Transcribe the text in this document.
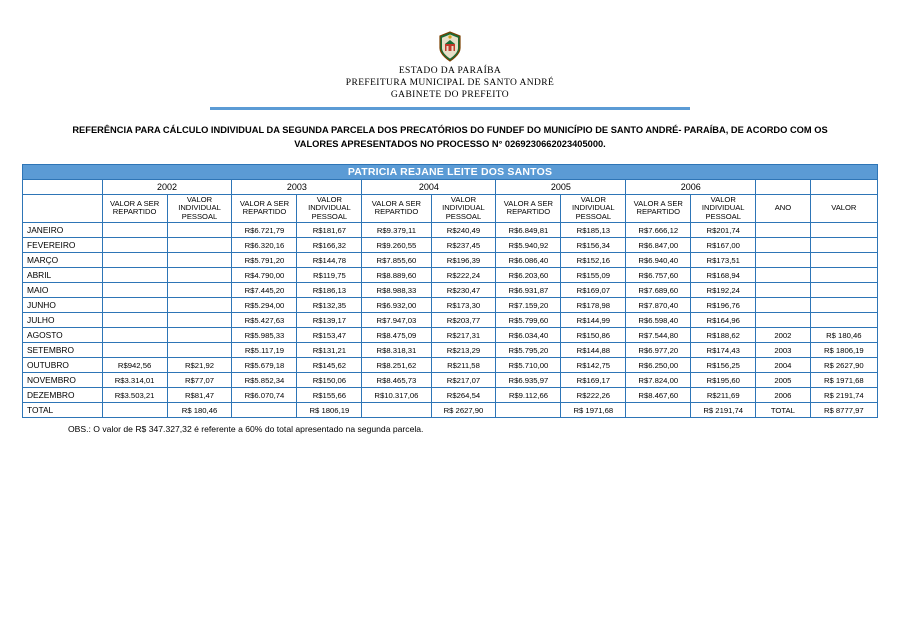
ESTADO DA PARAÍBA
PREFEITURA MUNICIPAL DE SANTO ANDRÉ
GABINETE DO PREFEITO
REFERÊNCIA PARA CÁLCULO INDIVIDUAL DA SEGUNDA PARCELA DOS PRECATÓRIOS DO FUNDEF DO MUNICÍPIO DE SANTO ANDRÉ- PARAÍBA, DE ACORDO COM OS VALORES APRESENTADOS NO PROCESSO N° 0269230662023405000.
PATRICIA REJANE LEITE DOS SANTOS												
	2002		2003		2004		2005		2006			
	VALOR A SER REPARTIDO	VALOR INDIVIDUAL PESSOAL	VALOR A SER REPARTIDO	VALOR INDIVIDUAL PESSOAL	VALOR A SER REPARTIDO	VALOR INDIVIDUAL PESSOAL	VALOR A SER REPARTIDO	VALOR INDIVIDUAL PESSOAL	VALOR A SER REPARTIDO	VALOR INDIVIDUAL PESSOAL	ANO	VALOR
JANEIRO			R$6.721,79	R$181,67	R$9.379,11	R$240,49	R$6.849,81	R$185,13	R$7.666,12	R$201,74		
FEVEREIRO			R$6.320,16	R$166,32	R$9.260,55	R$237,45	R$5.940,92	R$156,34	R$6.847,00	R$167,00		
MARÇO			R$5.791,20	R$144,78	R$7.855,60	R$196,39	R$6.086,40	R$152,16	R$6.940,40	R$173,51		
ABRIL			R$4.790,00	R$119,75	R$8.889,60	R$222,24	R$6.203,60	R$155,09	R$6.757,60	R$168,94		
MAIO			R$7.445,20	R$186,13	R$8.988,33	R$230,47	R$6.931,87	R$169,07	R$7.689,60	R$192,24		
JUNHO			R$5.294,00	R$132,35	R$6.932,00	R$173,30	R$7.159,20	R$178,98	R$7.870,40	R$196,76		
JULHO			R$5.427,63	R$139,17	R$7.947,03	R$203,77	R$5.799,60	R$144,99	R$6.598,40	R$164,96		
AGOSTO			R$5.985,33	R$153,47	R$8.475,09	R$217,31	R$6.034,40	R$150,86	R$7.544,80	R$188,62	2002	R$ 180,46
SETEMBRO			R$5.117,19	R$131,21	R$8.318,31	R$213,29	R$5.795,20	R$144,88	R$6.977,20	R$174,43	2003	R$ 1806,19
OUTUBRO	R$942,56	R$21,92	R$5.679,18	R$145,62	R$8.251,62	R$211,58	R$5.710,00	R$142,75	R$6.250,00	R$156,25	2004	R$ 2627,90
NOVEMBRO	R$3.314,01	R$77,07	R$5.852,34	R$150,06	R$8.465,73	R$217,07	R$6.935,97	R$169,17	R$7.824,00	R$195,60	2005	R$ 1971,68
DEZEMBRO	R$3.503,21	R$81,47	R$6.070,74	R$155,66	R$10.317,06	R$264,54	R$9.112,66	R$222,26	R$8.467,60	R$211,69	2006	R$ 2191,74
TOTAL		R$ 180,46		R$ 1806,19		R$ 2627,90		R$ 1971,68		R$ 2191,74	TOTAL	R$ 8777,97
OBS.: O valor de R$ 347.327,32 é referente a 60% do total apresentado na segunda parcela.
